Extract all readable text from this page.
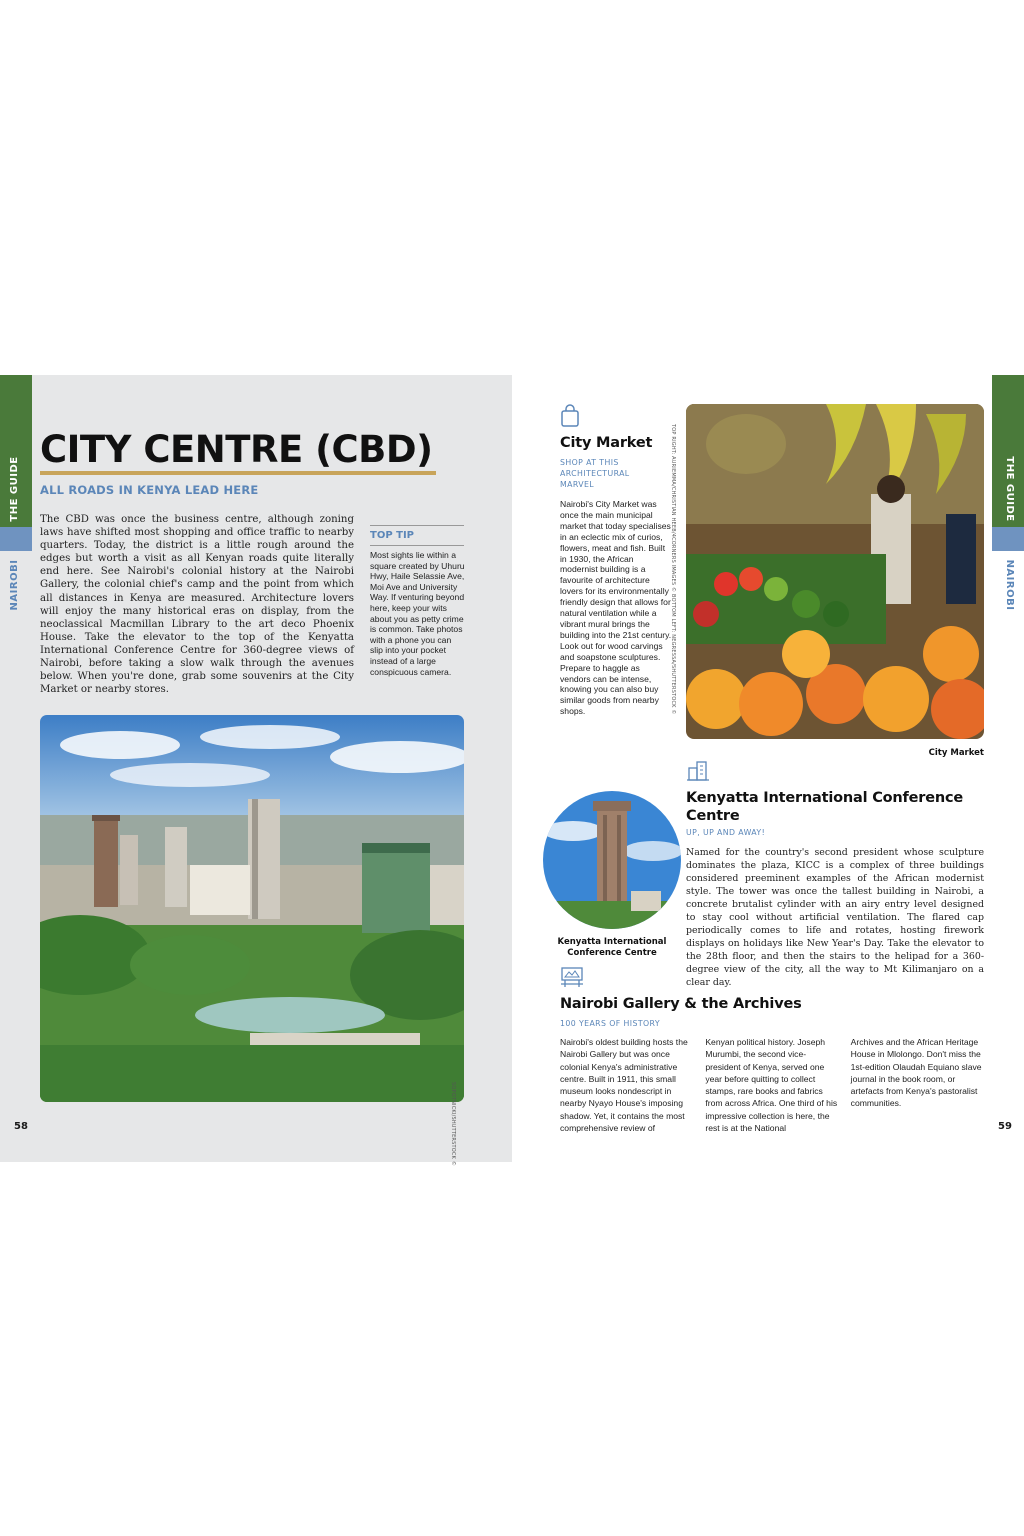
THE GUIDE
NAIROBI
CITY CENTRE (CBD)
ALL ROADS IN KENYA LEAD HERE
The CBD was once the business centre, although zoning laws have shifted most shopping and office traffic to nearby quarters. Today, the district is a little rough around the edges but worth a visit as all Kenyan roads quite literally end here. See Nairobi's colonial history at the Nairobi Gallery, the colonial chief's camp and the point from which all distances in Kenya are measured. Architecture lovers will enjoy the many historical eras on display, from the neoclassical Macmillan Library to the art deco Phoenix House. Take the elevator to the top of the Kenyatta International Conference Centre for 360-degree views of Nairobi, before taking a slow walk through the avenues below. When you're done, grab some souvenirs at the City Market or nearby stores.
TOP TIP
Most sights lie within a square created by Uhuru Hwy, Haile Selassie Ave, Moi Ave and University Way. If venturing beyond here, keep your wits about you as petty crime is common. Take photos with a phone you can slip into your pocket instead of a large conspicuous camera.
SOPOTNICKI/SHUTTERSTOCK ©
58
THE GUIDE
NAIROBI
City Market
SHOP AT THIS ARCHITECTURAL MARVEL
Nairobi's City Market was once the main municipal market that today specialises in an eclectic mix of curios, flowers, meat and fish. Built in 1930, the African modernist building is a favourite of architecture lovers for its environmentally friendly design that allows for natural ventilation while a vibrant mural brings the building into the 21st century. Look out for wood carvings and soapstone sculptures. Prepare to haggle as vendors can be intense, knowing you can also buy similar goods from nearby shops.	TOP RIGHT: AURIEMMA/CHRISTIAN HEEB/4CORNERS IMAGES © BOTTOM LEFT: NEGRESSA/SHUTTERSTOCK ©
City Market
Kenyatta International Conference Centre
UP, UP AND AWAY!
Named for the country's second president whose sculpture dominates the plaza, KICC is a complex of three buildings considered preeminent examples of the African modernist style. The tower was once the tallest building in Nairobi, a concrete brutalist cylinder with an airy entry level designed to stay cool without artificial ventilation. The flared cap periodically comes to life and rotates, hosting firework displays on holidays like New Year's Day. Take the elevator to the 28th floor, and then the stairs to the helipad for a 360-degree view of the city, all the way to Mt Kilimanjaro on a clear day.
Kenyatta International Conference Centre
Nairobi Gallery & the Archives
100 YEARS OF HISTORY
Nairobi's oldest building hosts the Nairobi Gallery but was once colonial Kenya's administrative centre. Built in 1911, this small museum looks nondescript in nearby Nyayo House's imposing shadow. Yet, it contains the most comprehensive review of
Kenyan political history. Joseph Murumbi, the second vice-president of Kenya, served one year before quitting to collect stamps, rare books and fabrics from across Africa. One third of his impressive collection is here, the rest is at the National
Archives and the African Heritage House in Mlolongo. Don't miss the 1st-edition Olaudah Equiano slave journal in the book room, or artefacts from Kenya's pastoralist communities.
59
